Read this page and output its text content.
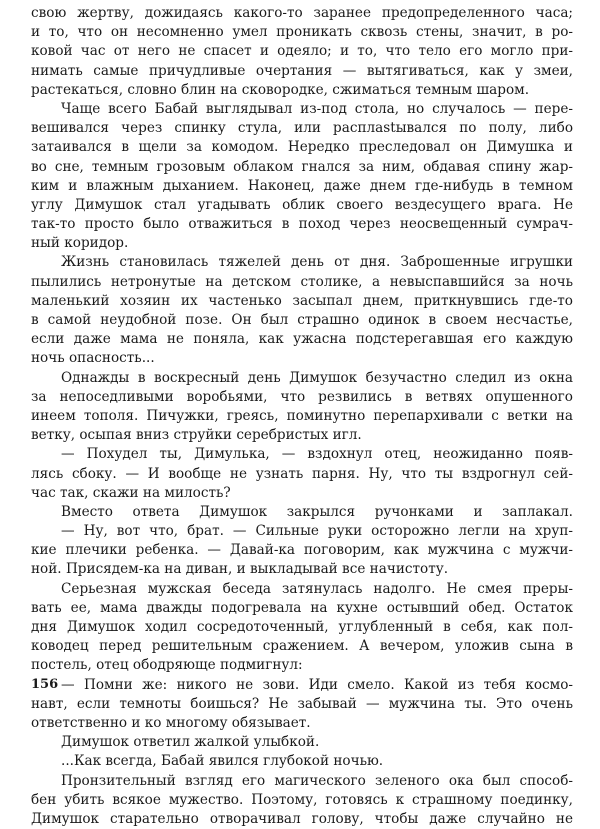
свою жертву, дожидаясь какого-то заранее предопределенного часа;
и то, что он несомненно умел проникать сквозь стены, значит, в ро-
ковой час от него не спасет и одеяло; и то, что тело его могло при-
нимать самые причудливые очертания — вытягиваться, как у змеи,
растекаться, словно блин на сковородке, сжиматься темным шаром.
Чаще всего Бабай выглядывал из-под стола, но случалось — пере-
вешивался через спинку стула, или расплastывался по полу, либо
затаивался в щели за комодом. Нередко преследовал он Димушка и
во сне, темным грозовым облаком гнался за ним, обдавая спину жар-
ким и влажным дыханием. Наконец, даже днем где-нибудь в темном
углу Димушок стал угадывать облик своего вездесущего врага. Не
так-то просто было отважиться в поход через неосвещенный сумрач-
ный коридор.
Жизнь становилась тяжелей день от дня. Заброшенные игрушки
пылились нетронутые на детском столике, а невыспавшийся за ночь
маленький хозяин их частенько засыпал днем, приткнувшись где-то
в самой неудобной позе. Он был страшно одинок в своем несчастье,
если даже мама не поняла, как ужасна подстерегавшая его каждую
ночь опасность...
Однажды в воскресный день Димушок безучастно следил из окна
за непоседливыми воробьями, что резвились в ветвях опушенного
инеем тополя. Пичужки, греясь, поминутно перепархивали с ветки на
ветку, осыпая вниз струйки серебристых игл.
— Похудел ты, Димулька, — вздохнул отец, неожиданно появ-
лясь сбоку. — И вообще не узнать парня. Ну, что ты вздрогнул сей-
час так, скажи на милость?
Вместо ответа Димушок закрылся ручонками и заплакал.
— Ну, вот что, брат. — Сильные руки осторожно легли на хруп-
кие плечики ребенка. — Давай-ка поговорим, как мужчина с мужчи-
ной. Присядем-ка на диван, и выкладывай все начистоту.
Серьезная мужская беседа затянулась надолго. Не смея преры-
вать ее, мама дважды подогревала на кухне остывший обед. Остаток
дня Димушок ходил сосредоточенный, углубленный в себя, как пол-
ководец перед решительным сражением. А вечером, уложив сына в
постель, отец ободряюще подмигнул:
— Помни же: никого не зови. Иди смело. Какой из тебя космо-
навт, если темноты боишься? Не забывай — мужчина ты. Это очень
ответственно и ко многому обязывает.
Димушок ответил жалкой улыбкой.
...Как всегда, Бабай явился глубокой ночью.
Пронзительный взгляд его магического зеленого ока был способ-
бен убить всякое мужество. Поэтому, готовясь к страшному поединку,
Димушок старательно отворачивал голову, чтобы даже случайно не
156
